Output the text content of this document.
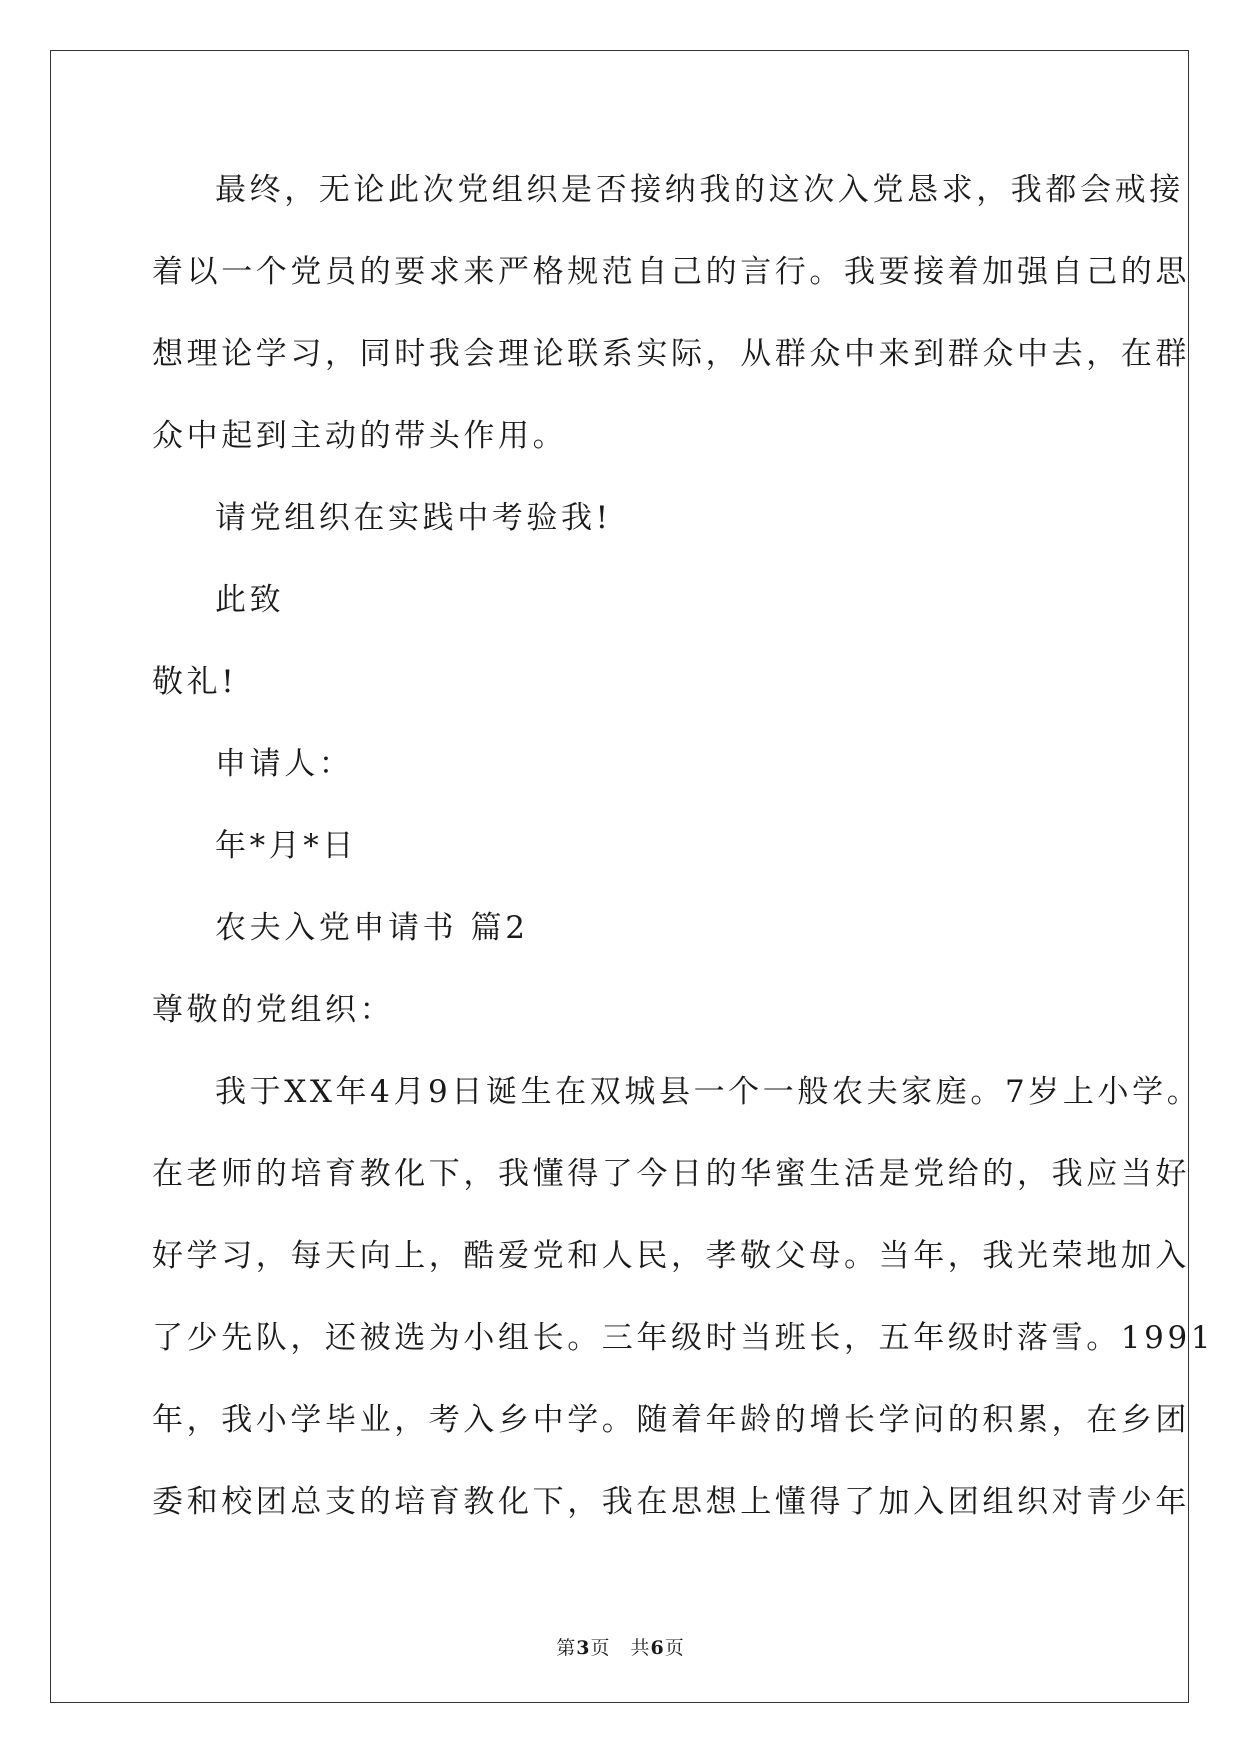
最终，无论此次党组织是否接纳我的这次入党恳求，我都会戒接
着以一个党员的要求来严格规范自己的言行。我要接着加强自己的思
想理论学习，同时我会理论联系实际，从群众中来到群众中去，在群
众中起到主动的带头作用。
请党组织在实践中考验我!
此致
敬礼!
申请人：
年*月*日
农夫入党申请书 篇2
尊敬的党组织：
我于XX年4月9日诞生在双城县一个一般农夫家庭。7岁上小学。
在老师的培育教化下，我懂得了今日的华蜜生活是党给的，我应当好
好学习，每天向上，酷爱党和人民，孝敬父母。当年，我光荣地加入
了少先队，还被选为小组长。三年级时当班长，五年级时落雪。1991
年，我小学毕业，考入乡中学。随着年龄的增长学问的积累，在乡团
委和校团总支的培育教化下，我在思想上懂得了加入团组织对青少年
第3页 共6页
